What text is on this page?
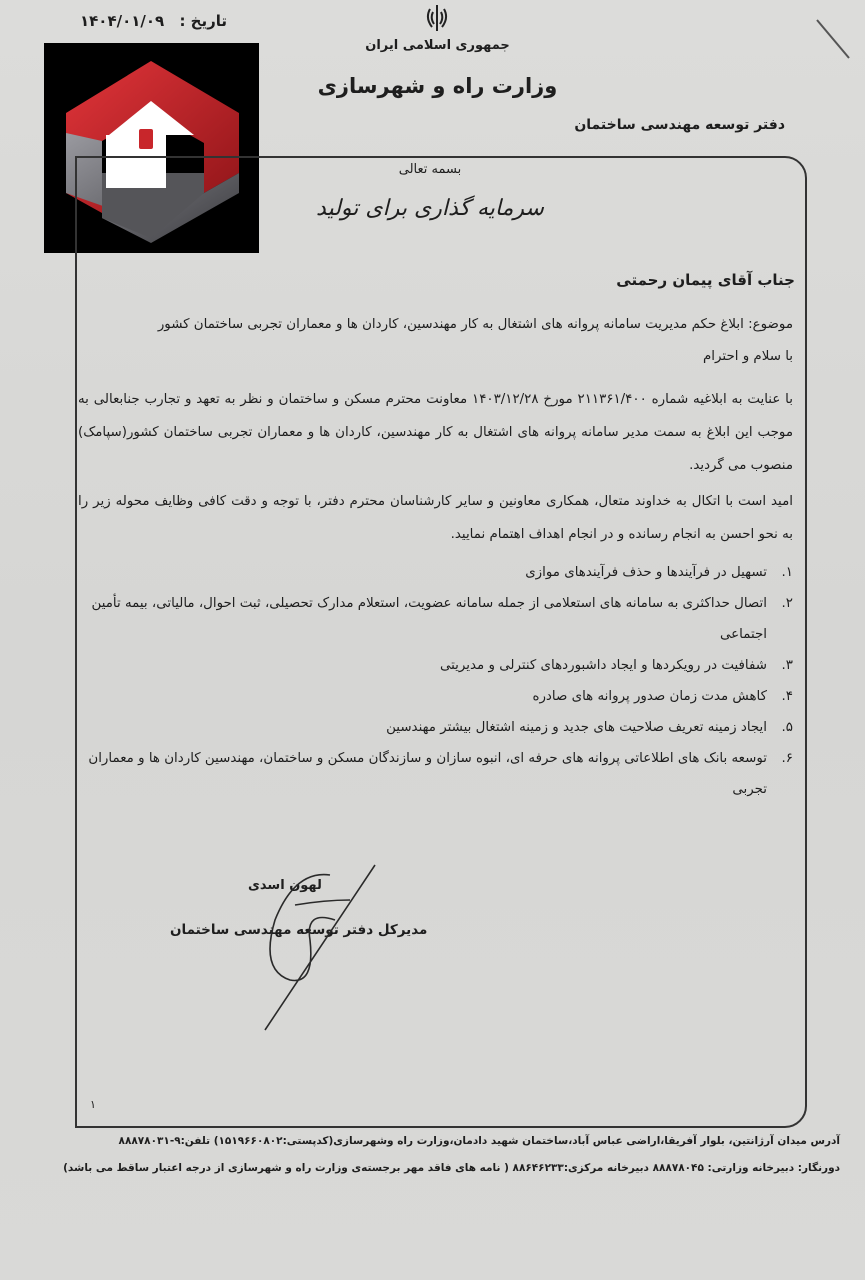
تاریخ : ۱۴۰۴/۰۱/۰۹
جمهوری اسلامی ایران
وزارت راه و شهرسازی
دفتر توسعه مهندسی ساختمان
بسمه تعالی
سرمایه گذاری برای تولید
جناب آقای پیمان رحمتی
موضوع: ابلاغ حکم مدیریت سامانه پروانه های اشتغال به کار مهندسین، کاردان ها و معماران تجربی ساختمان کشور
با سلام و احترام
با عنایت به ابلاغیه شماره ۲۱۱۳۶۱/۴۰۰ مورخ ۱۴۰۳/۱۲/۲۸ معاونت محترم مسکن و ساختمان و نظر به تعهد و تجارب جنابعالی به موجب این ابلاغ به سمت مدیر سامانه پروانه های اشتغال به کار مهندسین، کاردان ها و معماران تجربی ساختمان کشور(سپامک) منصوب می گردید.
امید است با اتکال به خداوند متعال، همکاری معاونین و سایر کارشناسان محترم دفتر، با توجه و دقت کافی وظایف محوله زیر را به نحو احسن به انجام رسانده و در انجام اهداف اهتمام نمایید.
۱.
تسهیل در فرآیندها و حذف فرآیندهای موازی
۲.
اتصال حداکثری به سامانه های استعلامی از جمله سامانه عضویت، استعلام مدارک تحصیلی، ثبت احوال، مالیاتی، بیمه تأمین اجتماعی
۳.
شفافیت در رویکردها و ایجاد داشبوردهای کنترلی و مدیریتی
۴.
کاهش مدت زمان صدور پروانه های صادره
۵.
ایجاد زمینه تعریف صلاحیت های جدید و زمینه اشتغال بیشتر مهندسین
۶.
توسعه بانک های اطلاعاتی پروانه های حرفه ای، انبوه سازان و سازندگان مسکن و ساختمان، مهندسین کاردان ها و معماران تجربی
لهون اسدی
مدیرکل دفتر توسعه مهندسی ساختمان
۱
آدرس میدان آرژانتین، بلوار آفریقا،اراضی عباس آباد،ساختمان شهید دادمان،وزارت راه وشهرسازی(کدپستی:۱۵۱۹۶۶۰۸۰۲) تلفن:۹-۸۸۸۷۸۰۳۱
دورنگار: دبیرخانه وزارتی: ۸۸۸۷۸۰۴۵ دبیرخانه مرکزی:۸۸۶۴۶۲۳۳ ( نامه های فاقد مهر برجسته‌ی وزارت راه و شهرسازی از درجه اعتبار ساقط می باشد)
